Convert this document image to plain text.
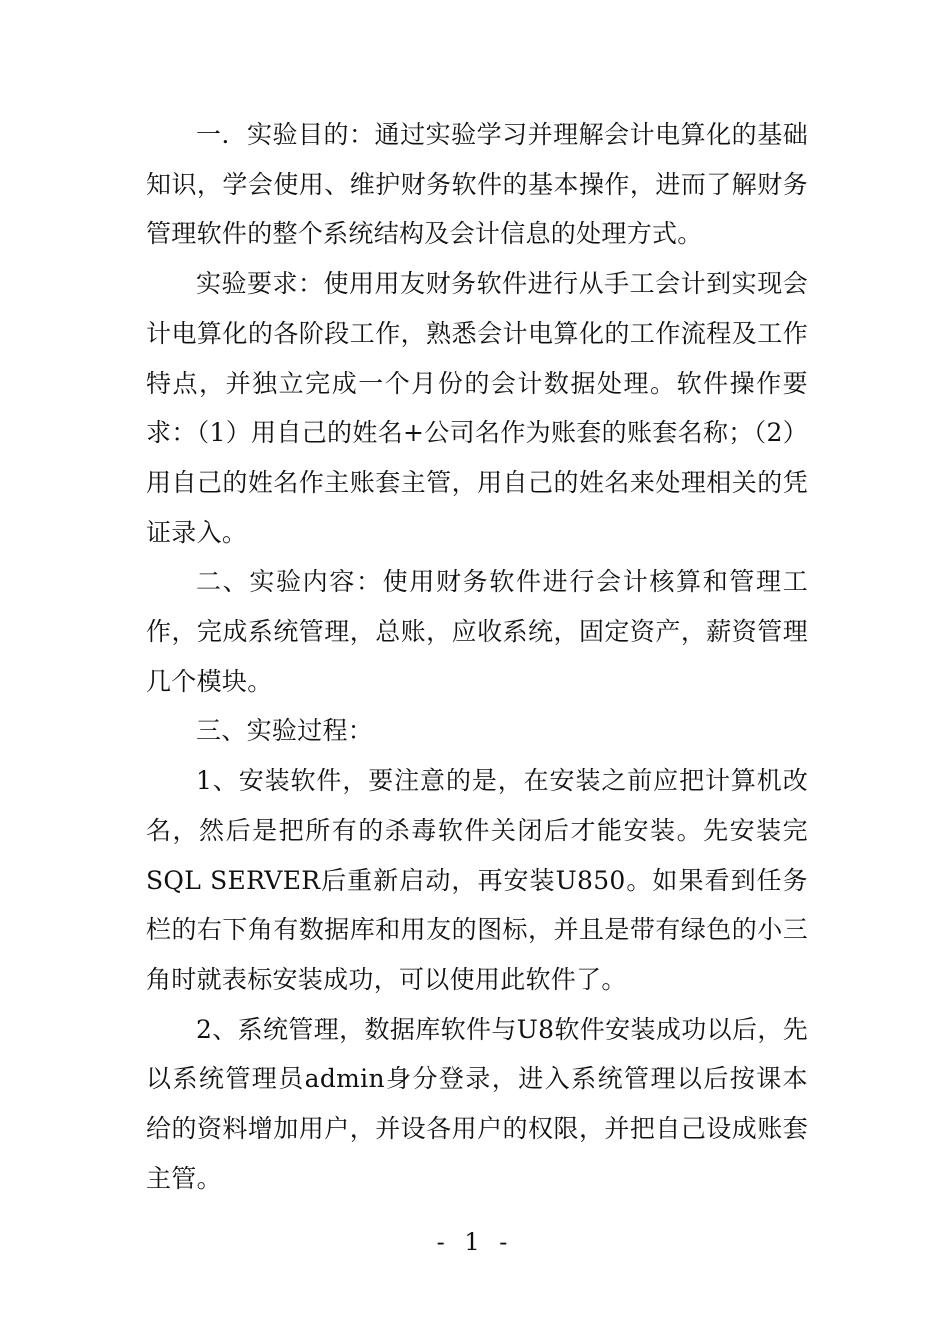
一．实验目的：通过实验学习并理解会计电算化的基础知识，学会使用、维护财务软件的基本操作，进而了解财务管理软件的整个系统结构及会计信息的处理方式。

实验要求：使用用友财务软件进行从手工会计到实现会计电算化的各阶段工作，熟悉会计电算化的工作流程及工作特点，并独立完成一个月份的会计数据处理。软件操作要求：（1）用自己的姓名+公司名作为账套的账套名称；（2） 用自己的姓名作主账套主管，用自己的姓名来处理相关的凭证录入。

二、实验内容：使用财务软件进行会计核算和管理工作，完成系统管理，总账，应收系统，固定资产，薪资管理几个模块。

三、实验过程：

1、安装软件，要注意的是，在安装之前应把计算机改名，然后是把所有的杀毒软件关闭后才能安装。先安装完SQL SERVER后重新启动，再安装U850。如果看到任务栏的右下角有数据库和用友的图标，并且是带有绿色的小三角时就表标安装成功，可以使用此软件了。

2、系统管理，数据库软件与U8软件安装成功以后，先以系统管理员admin身分登录，进入系统管理以后按课本给的资料增加用户，并设各用户的权限，并把自己设成账套主管。

- 1 -
